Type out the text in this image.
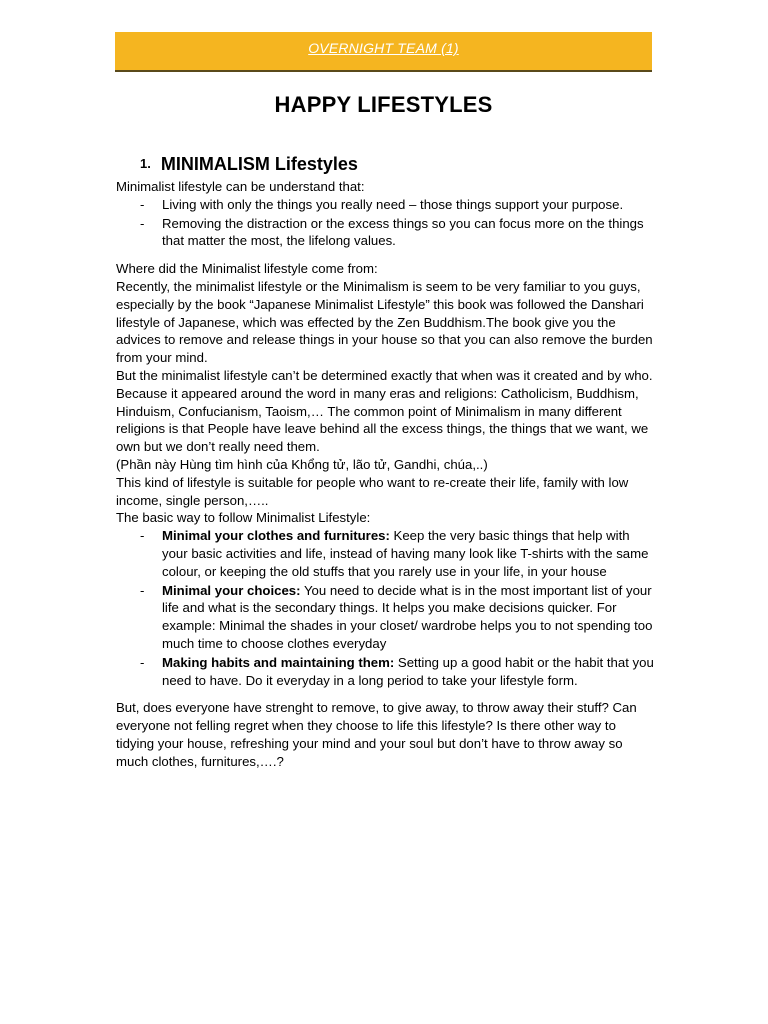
OVERNIGHT TEAM (1)
HAPPY LIFESTYLES
1. MINIMALISM Lifestyles

Minimalist lifestyle can be understand that:

- Living with only the things you really need – those things support your purpose.
- Removing the distraction or the excess things so you can focus more on the things that matter the most, the lifelong values.

Where did the Minimalist lifestyle come from:

Recently, the minimalist lifestyle or the Minimalism is seem to be very familiar to you guys, especially by the book “Japanese Minimalist Lifestyle” this book was followed the Danshari lifestyle of Japanese, which was effected by the Zen Buddhism.The book give you the advices to remove and release things in your house so that you can also remove the burden from your mind.

But the minimalist lifestyle can’t be determined exactly that when was it created and by who. Because it appeared around the word in many eras and religions: Catholicism, Buddhism, Hinduism, Confucianism, Taoism,… The common point of Minimalism in many different religions is that People have leave behind all the excess things, the things that we want, we own but we don’t really need them.

(Phần này Hùng tìm hình của Khổng tử, lão tử, Gandhi, chúa,..)

This kind of lifestyle is suitable for people who want to re-create their life, family with low income, single person,…..

The basic way to follow Minimalist Lifestyle:

- Minimal your clothes and furnitures: Keep the very basic things that help with your basic activities and life, instead of having many look like T-shirts with the same colour, or keeping the old stuffs that you rarely use in your life, in your house
- Minimal your choices: You need to decide what is in the most important list of your life and what is the secondary things. It helps you make decisions quicker. For example: Minimal the shades in your closet/ wardrobe helps you to not spending too much time to choose clothes everyday
- Making habits and maintaining them: Setting up a good habit or the habit that you need to have. Do it everyday in a long period to take your lifestyle form.

But, does everyone have strenght to remove, to give away, to throw away their stuff? Can everyone not felling regret when they choose to life this lifestyle? Is there other way to tidying your house, refreshing your mind and your soul but don’t have to throw away so much clothes, furnitures,….?
